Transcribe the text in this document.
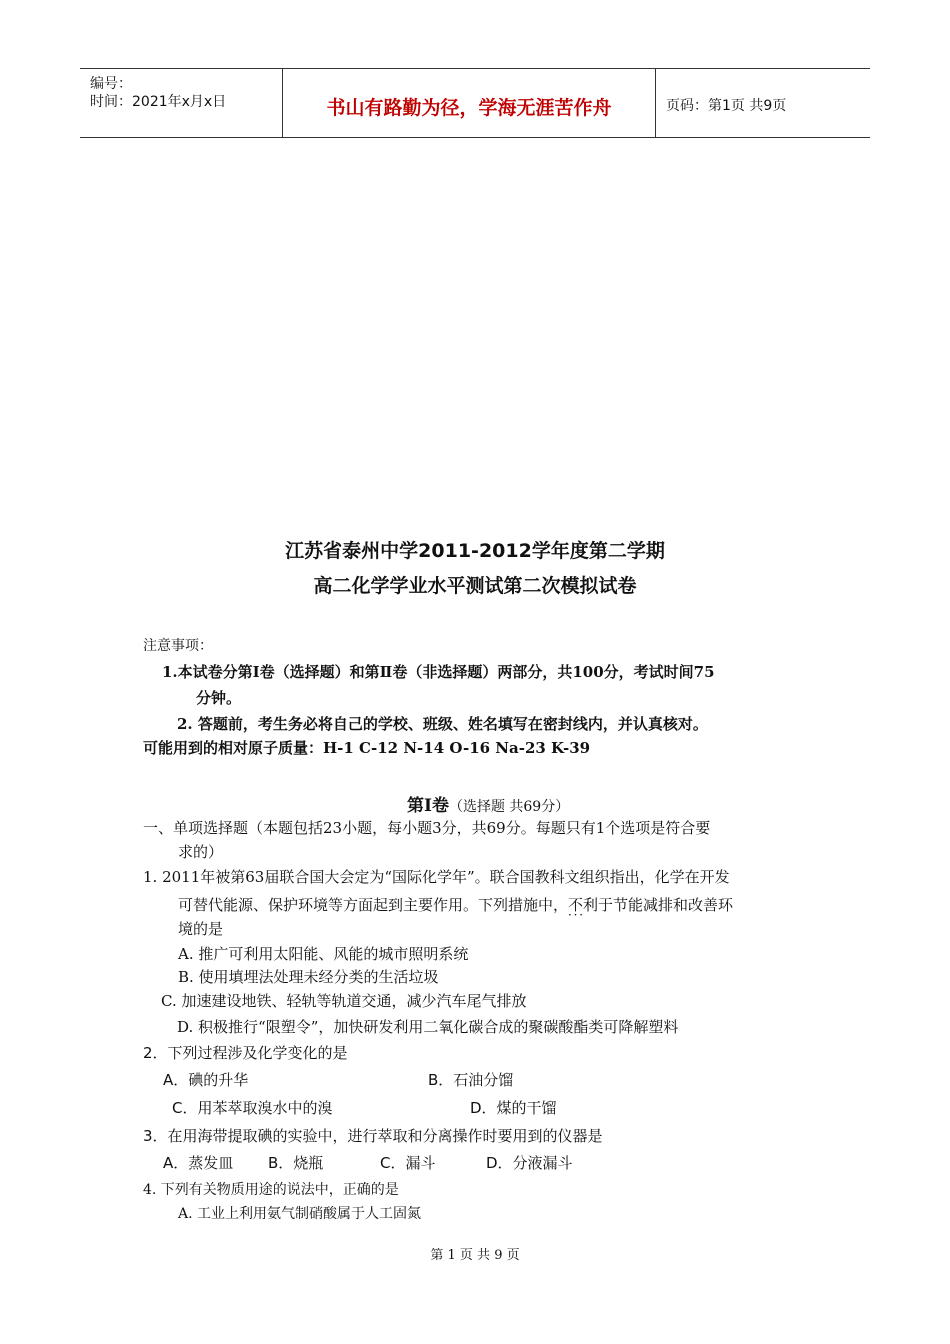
编号：
时间：2021年x月x日	书山有路勤为径，学海无涯苦作舟	页码：第1页 共9页
江苏省泰州中学2011-2012学年度第二学期
高二化学学业水平测试第二次模拟试卷
注意事项：
1.本试卷分第Ⅰ卷（选择题）和第Ⅱ卷（非选择题）两部分，共100分，考试时间75
分钟。
2. 答题前，考生务必将自己的学校、班级、姓名填写在密封线内，并认真核对。
可能用到的相对原子质量：H-1 C-12 N-14 O-16 Na-23 K-39
第Ⅰ卷（选择题 共69分）
一、单项选择题（本题包括23小题，每小题3分，共69分。每题只有1个选项是符合要
求的）
1. 2011年被第63届联合国大会定为“国际化学年”。联合国教科文组织指出，化学在开发
可替代能源、保护环境等方面起到主要作用。下列措施中，不利于 · · ·节能减排和改善环
境的是
A. 推广可利用太阳能、风能的城市照明系统
B. 使用填埋法处理未经分类的生活垃圾
C. 加速建设地铁、轻轨等轨道交通，减少汽车尾气排放
D. 积极推行“限塑令”，加快研发利用二氧化碳合成的聚碳酸酯类可降解塑料
2．下列过程涉及化学变化的是
A．碘的升华	B．石油分馏
C．用苯萃取溴水中的溴	D．煤的干馏
3．在用海带提取碘的实验中，进行萃取和分离操作时要用到的仪器是
A．蒸发皿 B．烧瓶	C．漏斗	D．分液漏斗
4. 下列有关物质用途的说法中，正确的是
A. 工业上利用氨气制硝酸属于人工固氮
第 1 页 共 9 页
